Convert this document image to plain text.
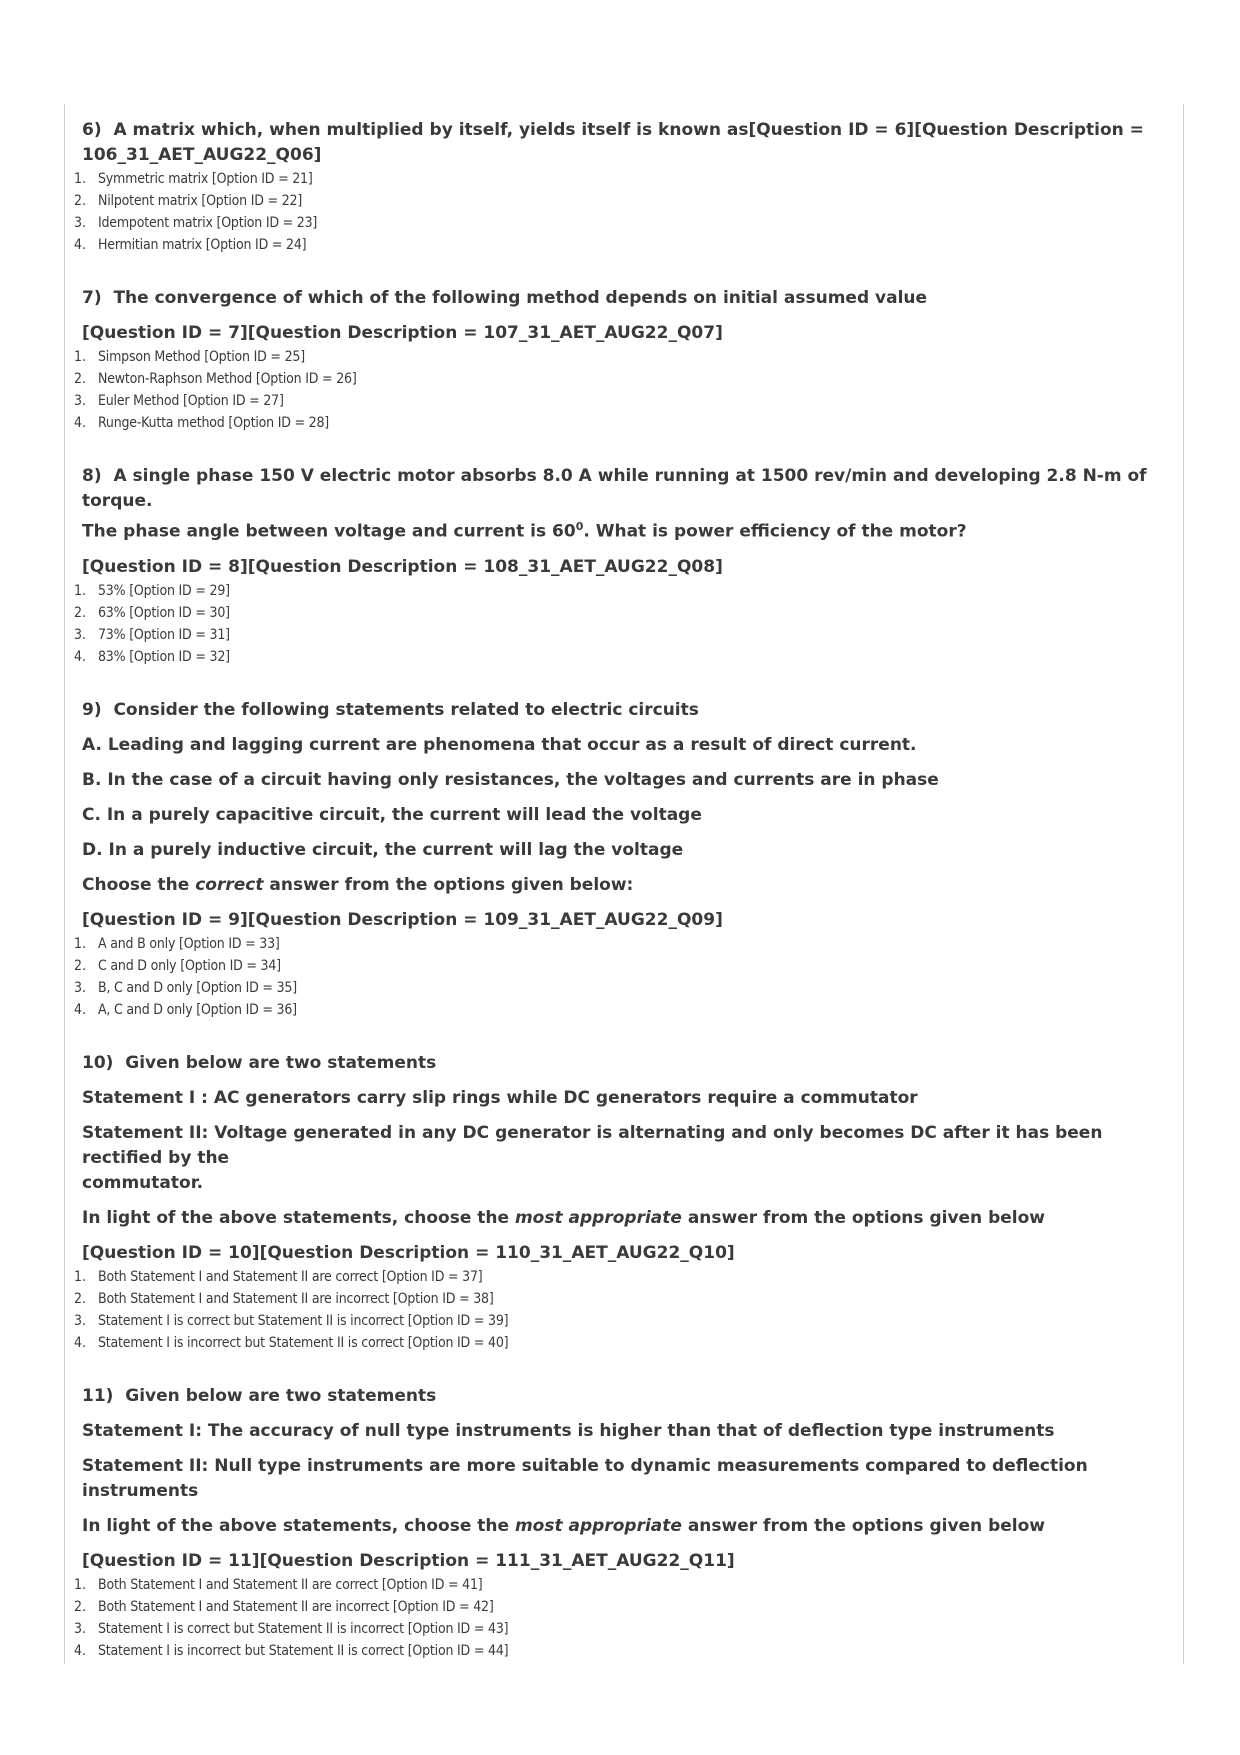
6) A matrix which, when multiplied by itself, yields itself is known as[Question ID = 6][Question Description =
106_31_AET_AUG22_Q06]
1. Symmetric matrix [Option ID = 21]
2. Nilpotent matrix [Option ID = 22]
3. Idempotent matrix [Option ID = 23]
4. Hermitian matrix [Option ID = 24]
7) The convergence of which of the following method depends on initial assumed value
[Question ID = 7][Question Description = 107_31_AET_AUG22_Q07]
1. Simpson Method [Option ID = 25]
2. Newton-Raphson Method [Option ID = 26]
3. Euler Method [Option ID = 27]
4. Runge-Kutta method [Option ID = 28]
8) A single phase 150 V electric motor absorbs 8.0 A while running at 1500 rev/min and developing 2.8 N-m of torque.
The phase angle between voltage and current is $60^0$. What is power efficiency of the motor?
[Question ID = 8][Question Description = 108_31_AET_AUG22_Q08]
1. 53% [Option ID = 29]
2. 63% [Option ID = 30]
3. 73% [Option ID = 31]
4. 83% [Option ID = 32]
9) Consider the following statements related to electric circuits
A. Leading and lagging current are phenomena that occur as a result of direct current.
B. In the case of a circuit having only resistances, the voltages and currents are in phase
C. In a purely capacitive circuit, the current will lead the voltage
D. In a purely inductive circuit, the current will lag the voltage
Choose the correct answer from the options given below:
[Question ID = 9][Question Description = 109_31_AET_AUG22_Q09]
1. A and B only [Option ID = 33]
2. C and D only [Option ID = 34]
3. B, C and D only [Option ID = 35]
4. A, C and D only [Option ID = 36]
10) Given below are two statements
Statement I : AC generators carry slip rings while DC generators require a commutator
Statement II: Voltage generated in any DC generator is alternating and only becomes DC after it has been rectified by the
commutator.
In light of the above statements, choose the most appropriate answer from the options given below
[Question ID = 10][Question Description = 110_31_AET_AUG22_Q10]
1. Both Statement I and Statement II are correct [Option ID = 37]
2. Both Statement I and Statement II are incorrect [Option ID = 38]
3. Statement I is correct but Statement II is incorrect [Option ID = 39]
4. Statement I is incorrect but Statement II is correct [Option ID = 40]
11) Given below are two statements
Statement I: The accuracy of null type instruments is higher than that of deflection type instruments
Statement II: Null type instruments are more suitable to dynamic measurements compared to deflection instruments
In light of the above statements, choose the most appropriate answer from the options given below
[Question ID = 11][Question Description = 111_31_AET_AUG22_Q11]
1. Both Statement I and Statement II are correct [Option ID = 41]
2. Both Statement I and Statement II are incorrect [Option ID = 42]
3. Statement I is correct but Statement II is incorrect [Option ID = 43]
4. Statement I is incorrect but Statement II is correct [Option ID = 44]
